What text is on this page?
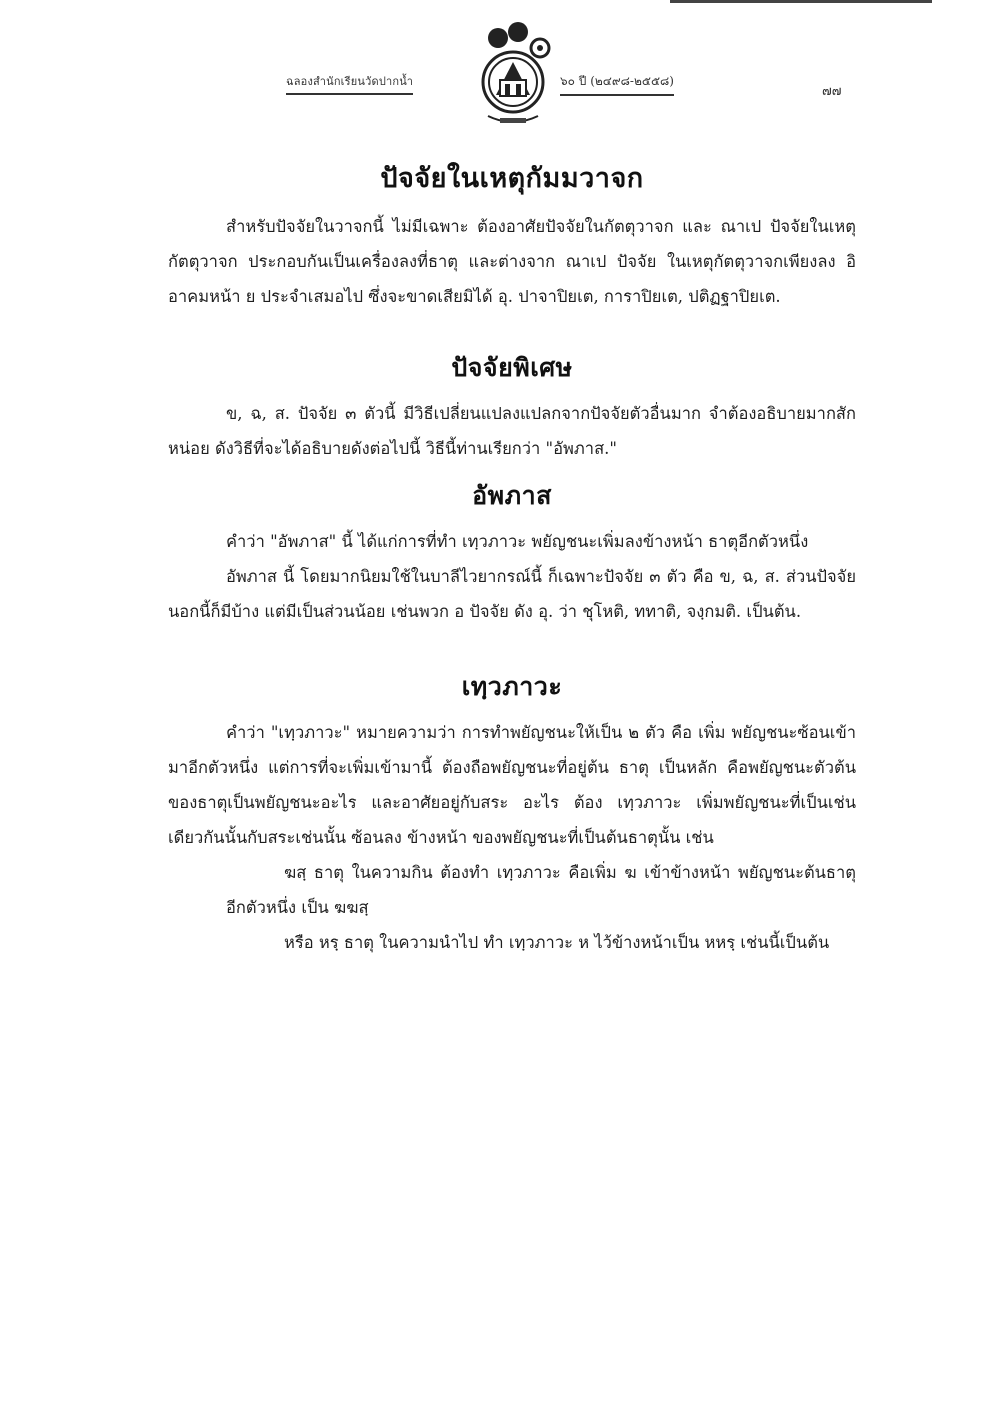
ฉลองสำนักเรียนวัดปากน้ำ	๖๐ ปี (๒๔๙๘-๒๕๕๘)
๗๗
ปัจจัยในเหตุกัมมวาจก

สำหรับปัจจัยในวาจกนี้ ไม่มีเฉพาะ ต้องอาศัยปัจจัยในกัตตุวาจก และ ณาเป ปัจจัยในเหตุกัตตุวาจก ประกอบกันเป็นเครื่องลงที่ธาตุ และต่างจาก ณาเป ปัจจัย ในเหตุกัตตุวาจกเพียงลง อิ อาคมหน้า ย ประจำเสมอไป ซึ่งจะขาดเสียมิได้ อุ. ปาจาปิยเต, การาปิยเต, ปติฏฐาปิยเต.

ปัจจัยพิเศษ

ข, ฉ, ส. ปัจจัย ๓ ตัวนี้ มีวิธีเปลี่ยนแปลงแปลกจากปัจจัยตัวอื่นมาก จำต้องอธิบายมากสักหน่อย ดังวิธีที่จะได้อธิบายดังต่อไปนี้ วิธีนี้ท่านเรียกว่า "อัพภาส."

อัพภาส

คำว่า "อัพภาส" นี้ ได้แก่การที่ทำ เทฺวภาวะ พยัญชนะเพิ่มลงข้างหน้า ธาตุอีกตัวหนึ่ง

อัพภาส นี้ โดยมากนิยมใช้ในบาลีไวยากรณ์นี้ ก็เฉพาะปัจจัย ๓ ตัว คือ ข, ฉ, ส. ส่วนปัจจัยนอกนี้ก็มีบ้าง แต่มีเป็นส่วนน้อย เช่นพวก อ ปัจจัย ดัง อุ. ว่า ชุโหติ, ททาติ, จงฺกมติ. เป็นต้น.

เทฺวภาวะ

คำว่า "เทฺวภาวะ" หมายความว่า การทำพยัญชนะให้เป็น ๒ ตัว คือ เพิ่ม พยัญชนะซ้อนเข้ามาอีกตัวหนึ่ง แต่การที่จะเพิ่มเข้ามานี้ ต้องถือพยัญชนะที่อยู่ต้น ธาตุ เป็นหลัก คือพยัญชนะตัวต้นของธาตุเป็นพยัญชนะอะไร และอาศัยอยู่กับสระ อะไร ต้อง เทฺวภาวะ เพิ่มพยัญชนะที่เป็นเช่นเดียวกันนั้นกับสระเช่นนั้น ซ้อนลง ข้างหน้า ของพยัญชนะที่เป็นต้นธาตุนั้น เช่น

ฆสฺ ธาตุ ในความกิน ต้องทำ เทฺวภาวะ คือเพิ่ม ฆ เข้าข้างหน้า พยัญชนะต้นธาตุอีกตัวหนึ่ง เป็น ฆฆสฺ

หรือ หรฺ ธาตุ ในความนำไป ทำ เทฺวภาวะ ห ไว้ข้างหน้าเป็น หหรฺ เช่นนี้เป็นต้น
